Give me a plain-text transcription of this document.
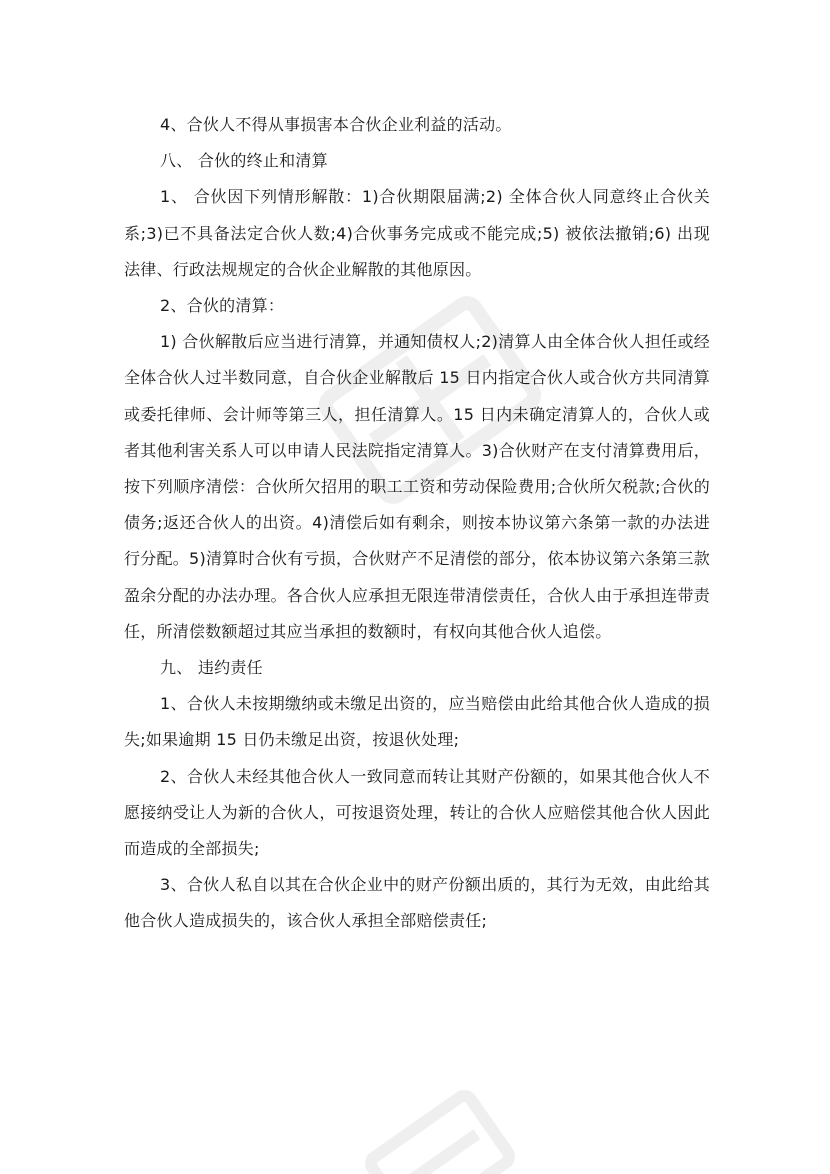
4、合伙人不得从事损害本合伙企业利益的活动。

八、 合伙的终止和清算

1、 合伙因下列情形解散：1)合伙期限届满;2) 全体合伙人同意终止合伙关系;3)已不具备法定合伙人数;4)合伙事务完成或不能完成;5) 被依法撤销;6) 出现法律、行政法规规定的合伙企业解散的其他原因。

2、合伙的清算：

1) 合伙解散后应当进行清算，并通知债权人;2)清算人由全体合伙人担任或经全体合伙人过半数同意，自合伙企业解散后 15 日内指定合伙人或合伙方共同清算或委托律师、会计师等第三人，担任清算人。15 日内未确定清算人的，合伙人或者其他利害关系人可以申请人民法院指定清算人。3)合伙财产在支付清算费用后，按下列顺序清偿：合伙所欠招用的职工工资和劳动保险费用;合伙所欠税款;合伙的债务;返还合伙人的出资。4)清偿后如有剩余，则按本协议第六条第一款的办法进行分配。5)清算时合伙有亏损，合伙财产不足清偿的部分，依本协议第六条第三款盈余分配的办法办理。各合伙人应承担无限连带清偿责任，合伙人由于承担连带责任，所清偿数额超过其应当承担的数额时，有权向其他合伙人追偿。

九、 违约责任

1、合伙人未按期缴纳或未缴足出资的，应当赔偿由此给其他合伙人造成的损失;如果逾期 15 日仍未缴足出资，按退伙处理;

2、合伙人未经其他合伙人一致同意而转让其财产份额的，如果其他合伙人不愿接纳受让人为新的合伙人，可按退资处理，转让的合伙人应赔偿其他合伙人因此而造成的全部损失;

3、合伙人私自以其在合伙企业中的财产份额出质的，其行为无效，由此给其他合伙人造成损失的，该合伙人承担全部赔偿责任;
